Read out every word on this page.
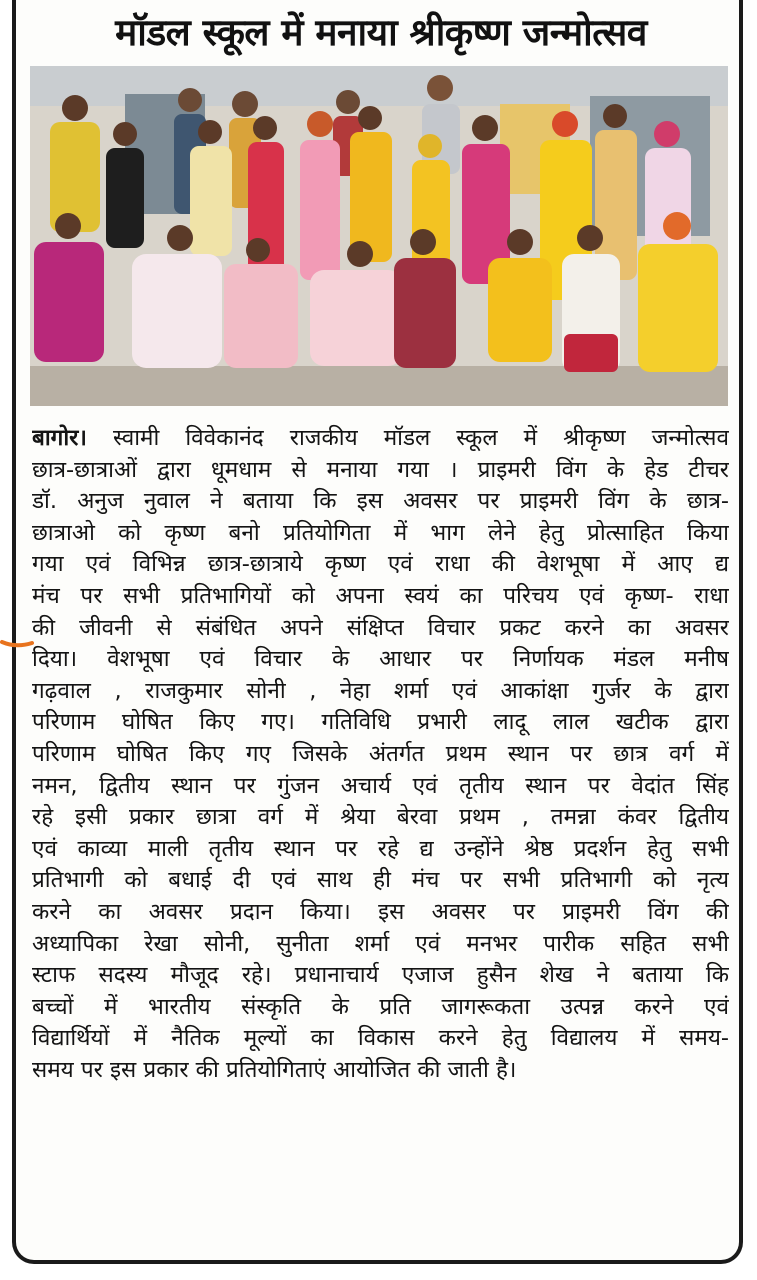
मॉडल स्कूल में मनाया श्रीकृष्ण जन्मोत्सव
बागोर। स्वामी विवेकानंद राजकीय मॉडल स्कूल में श्रीकृष्ण जन्मोत्सव
छात्र-छात्राओं द्वारा धूमधाम से मनाया गया । प्राइमरी विंग के हेड टीचर
डॉ. अनुज नुवाल ने बताया कि इस अवसर पर प्राइमरी विंग के छात्र-
छात्राओ को कृष्ण बनो प्रतियोगिता में भाग लेने हेतु प्रोत्साहित किया
गया एवं विभिन्न छात्र-छात्राये कृष्ण एवं राधा की वेशभूषा में आए द्य
मंच पर सभी प्रतिभागियों को अपना स्वयं का परिचय एवं कृष्ण- राधा
की जीवनी से संबंधित अपने संक्षिप्त विचार प्रकट करने का अवसर
दिया। वेशभूषा एवं विचार के आधार पर निर्णायक मंडल मनीष
गढ़वाल , राजकुमार सोनी , नेहा शर्मा एवं आकांक्षा गुर्जर के द्वारा
परिणाम घोषित किए गए। गतिविधि प्रभारी लादू लाल खटीक द्वारा
परिणाम घोषित किए गए जिसके अंतर्गत प्रथम स्थान पर छात्र वर्ग में
नमन, द्वितीय स्थान पर गुंजन अचार्य एवं तृतीय स्थान पर वेदांत सिंह
रहे इसी प्रकार छात्रा वर्ग में श्रेया बेरवा प्रथम , तमन्ना कंवर द्वितीय
एवं काव्या माली तृतीय स्थान पर रहे द्य उन्होंने श्रेष्ठ प्रदर्शन हेतु सभी
प्रतिभागी को बधाई दी एवं साथ ही मंच पर सभी प्रतिभागी को नृत्य
करने का अवसर प्रदान किया। इस अवसर पर प्राइमरी विंग की
अध्यापिका रेखा सोनी, सुनीता शर्मा एवं मनभर पारीक सहित सभी
स्टाफ सदस्य मौजूद रहे। प्रधानाचार्य एजाज हुसैन शेख ने बताया कि
बच्चों में भारतीय संस्कृति के प्रति जागरूकता उत्पन्न करने एवं
विद्यार्थियों में नैतिक मूल्यों का विकास करने हेतु विद्यालय में समय-
समय पर इस प्रकार की प्रतियोगिताएं आयोजित की जाती है।
